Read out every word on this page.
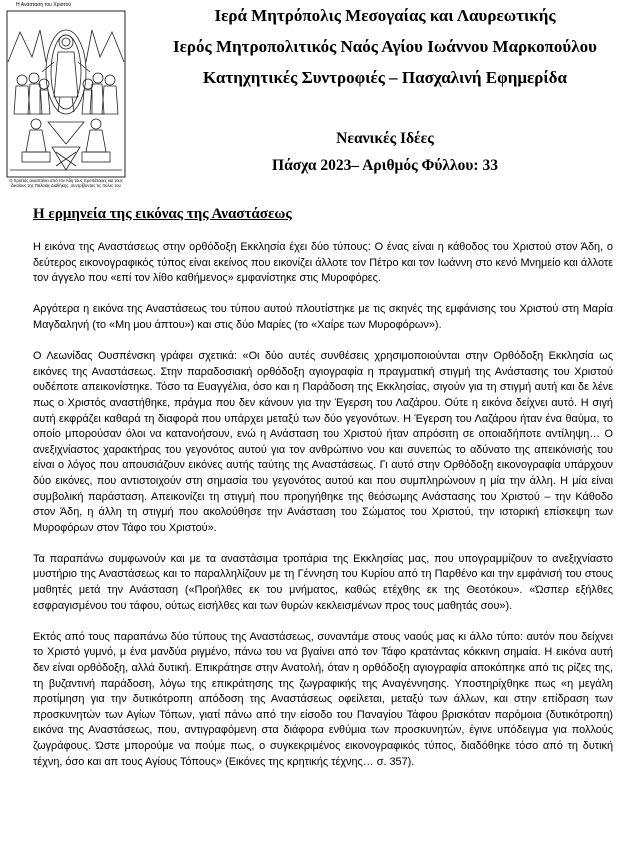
Η Ανάσταση του Χριστού
Ο Χριστός ανασταίνει από τον Άδη τους προπάτορες και τους δικαίους της Παλαιάς Διαθήκης, συντρίβοντας τις πύλες του
Ιερά Μητρόπολις Μεσογαίας και Λαυρεωτικής
Ιερός Μητροπολιτικός Ναός Αγίου Ιωάννου Μαρκοπούλου
Κατηχητικές Συντροφιές – Πασχαλινή Εφημερίδα
Νεανικές Ιδέες
Πάσχα 2023– Αριθμός Φύλλου: 33
Η ερμηνεία της εικόνας της Αναστάσεως

Η εικόνα της Αναστάσεως στην ορθόδοξη Εκκλησία έχει δύο τύπους: Ο ένας είναι η κάθοδος του Χριστού στον Άδη, ο δεύτερος εικονογραφικός τύπος είναι εκείνος που εικονίζει άλλοτε τον Πέτρο και τον Ιωάννη στο κενό Μνημείο και άλλοτε τον άγγελο που «επί τον λίθο καθήμενος» εμφανίστηκε στις Μυροφόρες.

Αργότερα η εικόνα της Αναστάσεως του τύπου αυτού πλουτίστηκε με τις σκηνές της εμφάνισης του Χριστού στη Μαρία Μαγδαληνή (το «Μη μου άπτου») και στις δύο Μαρίες (το «Χαίρε των Μυροφόρων»).

Ο Λεωνίδας Ουσπένσκη γράφει σχετικά: «Οι δύο αυτές συνθέσεις χρησιμοποιούνται στην Ορθόδοξη Εκκλησία ως εικόνες της Αναστάσεως. Στην παραδοσιακή ορθόδοξη αγιογραφία η πραγματική στιγμή της Ανάστασης του Χριστού ουδέποτε απεικονίστηκε. Τόσο τα Ευαγγέλια, όσο και η Παράδοση της Εκκλησίας, σιγούν για τη στιγμή αυτή και δε λένε πως ο Χριστός αναστήθηκε, πράγμα που δεν κάνουν για την Έγερση του Λαζάρου. Ούτε η εικόνα δείχνει αυτό. Η σιγή αυτή εκφράζει καθαρά τη διαφορά που υπάρχει μεταξύ των δύο γεγονότων. Η Έγερση του Λαζάρου ήταν ένα θαύμα, το οποίο μπορούσαν όλοι να κατανοήσουν, ενώ η Ανάσταση του Χριστού ήταν απρόσιτη σε οποιαδήποτε αντίληψη… Ο ανεξιχνίαστος χαρακτήρας του γεγονότος αυτού για τον ανθρώπινο νου και συνεπώς το αδύνατο της απεικόνισής του είναι ο λόγος που απουσιάζουν εικόνες αυτής ταύτης της Αναστάσεως. Γι αυτό στην Ορθόδοξη εικονογραφία υπάρχουν δύο εικόνες, που αντιστοιχούν στη σημασία του γεγονότος αυτού και που συμπληρώνουν η μία την άλλη. Η μία είναι συμβολική παράσταση. Απεικονίζει τη στιγμή που προηγήθηκε της θεόσωμης Ανάστασης του Χριστού – την Κάθοδο στον Άδη, η άλλη τη στιγμή που ακολούθησε την Ανάσταση του Σώματος του Χριστού, την ιστορική επίσκεψη των Μυροφόρων στον Τάφο του Χριστού».

Τα παραπάνω συμφωνούν και με τα αναστάσιμα τροπάρια της Εκκλησίας μας, που υπογραμμίζουν το ανεξιχνίαστο μυστήριο της Αναστάσεως και το παραλληλίζουν με τη Γέννηση του Κυρίου από τη Παρθένο και την εμφάνισή του στους μαθητές μετά την Ανάσταση («Προήλθες εκ του μνήματος, καθώς ετέχθης εκ της Θεοτόκου». «Ώσπερ εξήλθες εσφραγισμένου του τάφου, ούτως εισήλθες και των θυρών κεκλεισμένων προς τους μαθητάς σου»).

Εκτός από τους παραπάνω δύο τύπους της Αναστάσεως, συναντάμε στους ναούς μας κι άλλο τύπο: αυτόν που δείχνει το Χριστό γυμνό, μ ένα μανδύα ριγμένο, πάνω του να βγαίνει από τον Τάφο κρατάντας κόκκινη σημαία. Η εικόνα αυτή δεν είναι ορθόδοξη, αλλά δυτική. Επικράτησε στην Ανατολή, όταν η ορθόδοξη αγιογραφία αποκόπηκε από τις ρίζες της, τη βυζαντινή παράδοση, λόγω της επικράτησης της ζωγραφικής της Αναγέννησης. Υποστηρίχθηκε πως «η μεγάλη προτίμηση για την δυτικότροπη απόδοση της Αναστάσεως οφείλεται, μεταξύ των άλλων, και στην επίδραση των προσκυνητών των Αγίων Τόπων, γιατί πάνω από την είσοδο του Παναγίου Τάφου βρισκόταν παρόμοια (δυτικότροπη) εικόνα της Αναστάσεως, που, αντιγραφόμενη στα διάφορα ενθύμια των προσκυνητών, έγινε υπόδειγμα για πολλούς ζωγράφους. Ώστε μπορούμε να πούμε πως, ο συγκεκριμένος εικονογραφικός τύπος, διαδόθηκε τόσο από τη δυτική τέχνη, όσο και απ τους Αγίους Τόπους» (Εικόνες της κρητικής τέχνης… σ. 357).
